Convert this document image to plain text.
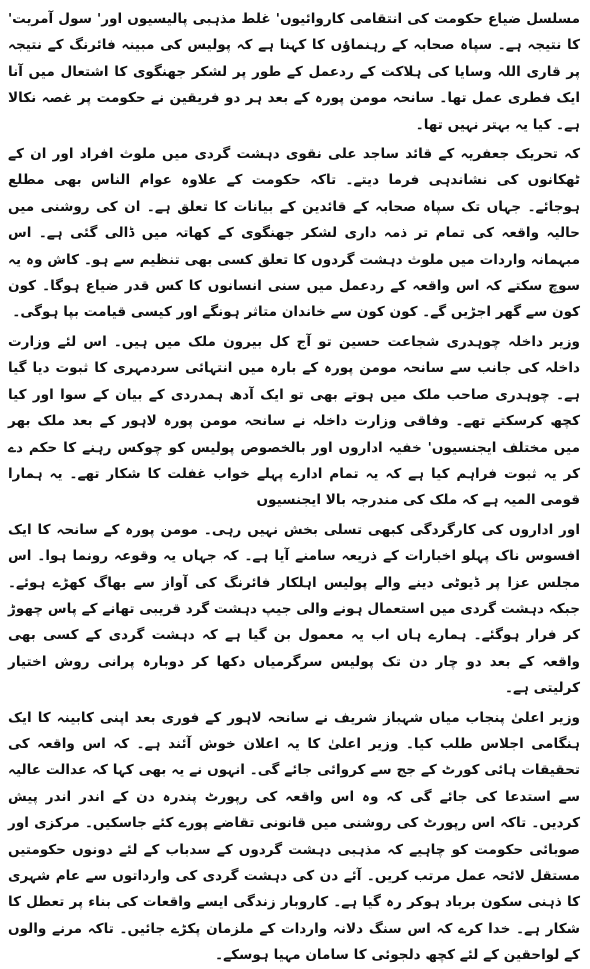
مسلسل ضیاع حکومت کی انتقامی کاروائیوں' غلط مذہبی پالیسیوں اور' سول آمریت' کا نتیجہ ہے۔ سپاہ صحابہ کے رہنماؤں کا کہنا ہے کہ پولیس کی مبینہ فائرنگ کے نتیجہ پر قاری اللہ وسایا کی ہلاکت کے ردعمل کے طور پر لشکر جھنگوی کا اشتعال میں آنا ایک فطری عمل تھا۔ سانحہ مومن پورہ کے بعد ہر دو فریقین نے حکومت پر غصہ نکالا ہے۔ کیا یہ بہتر نہیں تھا۔

کہ تحریک جعفریہ کے قائد ساجد علی نقوی دہشت گردی میں ملوث افراد اور ان کے ٹھکانوں کی نشاندہی فرما دیتے۔ تاکہ حکومت کے علاوہ عوام الناس بھی مطلع ہوجائے۔ جہاں تک سپاہ صحابہ کے قائدین کے بیانات کا تعلق ہے۔ ان کی روشنی میں حالیہ واقعہ کی تمام تر ذمہ داری لشکر جھنگوی کے کھاتہ میں ڈالی گئی ہے۔ اس مبہمانہ واردات میں ملوث دہشت گردوں کا تعلق کسی بھی تنظیم سے ہو۔ کاش وہ یہ سوچ سکتے کہ اس واقعہ کے ردعمل میں سنی انسانوں کا کس قدر ضیاع ہوگا۔ کون کون سے گھر اجڑیں گے۔ کون کون سے خاندان متاثر ہونگے اور کیسی قیامت بپا ہوگی۔

وزیر داخلہ چوہدری شجاعت حسین تو آج کل بیرون ملک میں ہیں۔ اس لئے وزارت داخلہ کی جانب سے سانحہ مومن پورہ کے بارہ میں انتہائی سردمہری کا ثبوت دیا گیا ہے۔ چوہدری صاحب ملک میں ہوتے بھی تو ایک آدھ ہمدردی کے بیان کے سوا اور کیا کچھ کرسکتے تھے۔ وفاقی وزارت داخلہ نے سانحہ مومن پورہ لاہور کے بعد ملک بھر میں مختلف ایجنسیوں' خفیہ اداروں اور بالخصوص پولیس کو چوکس رہنے کا حکم دے کر یہ ثبوت فراہم کیا ہے کہ یہ تمام ادارے پہلے خواب غفلت کا شکار تھے۔ یہ ہمارا قومی المیہ ہے کہ ملک کی مندرجہ بالا ایجنسیوں

اور اداروں کی کارگردگی کبھی تسلی بخش نہیں رہی۔ مومن پورہ کے سانحہ کا ایک افسوس ناک پہلو اخبارات کے ذریعہ سامنے آیا ہے۔ کہ جہاں یہ وقوعہ رونما ہوا۔ اس مجلس عزا پر ڈیوٹی دینے والے پولیس اہلکار فائرنگ کی آواز سے بھاگ کھڑے ہوئے۔ جبکہ دہشت گردی میں استعمال ہونے والی جیپ دہشت گرد قریبی تھانے کے پاس چھوڑ کر فرار ہوگئے۔ ہمارے ہاں اب یہ معمول بن گیا ہے کہ دہشت گردی کے کسی بھی واقعہ کے بعد دو چار دن تک پولیس سرگرمیاں دکھا کر دوبارہ پرانی روش اختیار کرلیتی ہے۔

وزیر اعلیٰ پنجاب میاں شہباز شریف نے سانحہ لاہور کے فوری بعد اپنی کابینہ کا ایک ہنگامی اجلاس طلب کیا۔ وزیر اعلیٰ کا یہ اعلان خوش آئند ہے۔ کہ اس واقعہ کی تحقیقات ہائی کورٹ کے جج سے کروائی جائے گی۔ انہوں نے یہ بھی کہا کہ عدالت عالیہ سے استدعا کی جائے گی کہ وہ اس واقعہ کی رپورٹ پندرہ دن کے اندر اندر پیش کردیں۔ تاکہ اس رپورٹ کی روشنی میں قانونی تقاضے پورے کئے جاسکیں۔ مرکزی اور صوبائی حکومت کو چاہیے کہ مذہبی دہشت گردوں کے سدباب کے لئے دونوں حکومتیں مستقل لائحہ عمل مرتب کریں۔ آئے دن کی دہشت گردی کی وارداتوں سے عام شہری کا ذہنی سکون برباد ہوکر رہ گیا ہے۔ کاروبار زندگی ایسے واقعات کی بناء پر تعطل کا شکار ہے۔ خدا کرے کہ اس سنگ دلانہ واردات کے ملزمان پکڑے جائیں۔ تاکہ مرنے والوں کے لواحقین کے لئے کچھ دلجوئی کا سامان مہیا ہوسکے۔
